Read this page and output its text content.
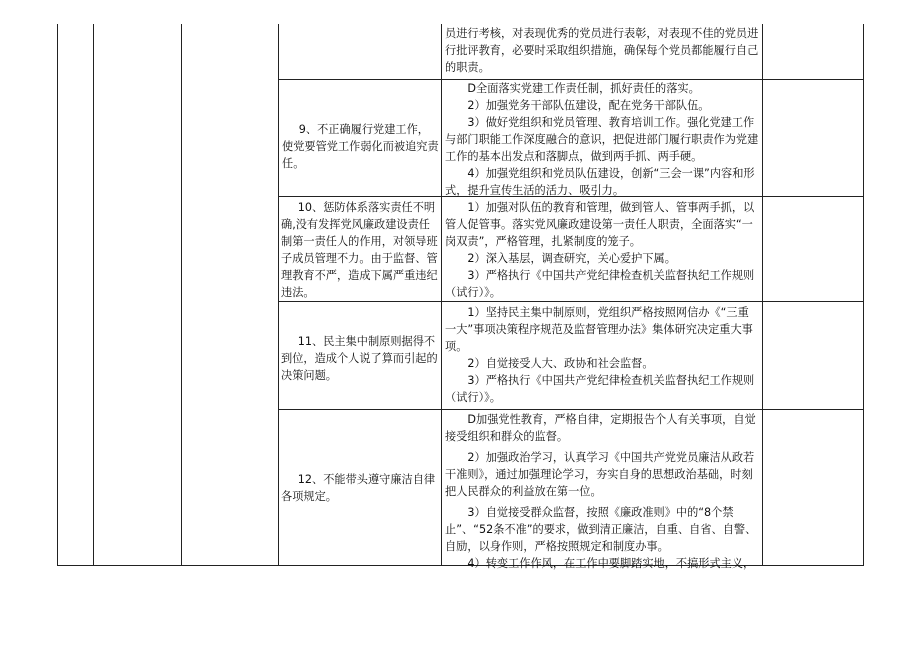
员进行考核，对表现优秀的党员进行表彰，对表现不佳的党员进行批评教育，必要时采取组织措施，确保每个党员都能履行自己的职责。

9、不正确履行党建工作，使党要管党工作弱化而被追究责任。

D全面落实党建工作责任制，抓好责任的落实。

2）加强党务干部队伍建设，配在党务干部队伍。

3）做好党组织和党员管理、教育培训工作。强化党建工作与部门职能工作深度融合的意识，把促进部门履行职责作为党建工作的基本出发点和落脚点，做到两手抓、两手硬。

4）加强党组织和党员队伍建设，创新“三会一课”内容和形式，提升宣传生活的活力、吸引力。

10、惩防体系落实责任不明确,没有发挥党风廉政建设责任制第一责任人的作用，对领导班子成员管理不力。由于监督、管理教育不严，造成下属严重违纪违法。

1）加强对队伍的教育和管理，做到管人、管事两手抓，以管人促管事。落实党风廉政建设第一责任人职责，全面落实“一岗双责”，严格管理，扎紧制度的笼子。

2）深入基层，调查研究，关心爱护下属。

3）严格执行《中国共产党纪律检查机关监督执纪工作规则（试行）》。

11、民主集中制原则据得不到位，造成个人说了算而引起的决策问题。

1）坚持民主集中制原则，党组织严格按照网信办《“三重一大”事项决策程序规范及监督管理办法》集体研究决定重大事项。

2）自觉接受人大、政协和社会监督。

3）严格执行《中国共产党纪律检查机关监督执纪工作规则（试行）》。

12、不能带头遵守廉洁自律各项规定。

D加强党性教育，严格自律，定期报告个人有关事项，自觉接受组织和群众的监督。

2）加强政治学习，认真学习《中国共产党党员廉洁从政若干准则》，通过加强理论学习，夯实自身的思想政治基础，时刻把人民群众的利益放在第一位。

3）自觉接受群众监督，按照《廉政准则》中的“8个禁止”、“52条不准”的要求，做到清正廉洁，自重、自省、自警、自励，以身作则，严格按照规定和制度办事。

4）转变工作作风，在工作中要脚踏实地，不搞形式主义，
